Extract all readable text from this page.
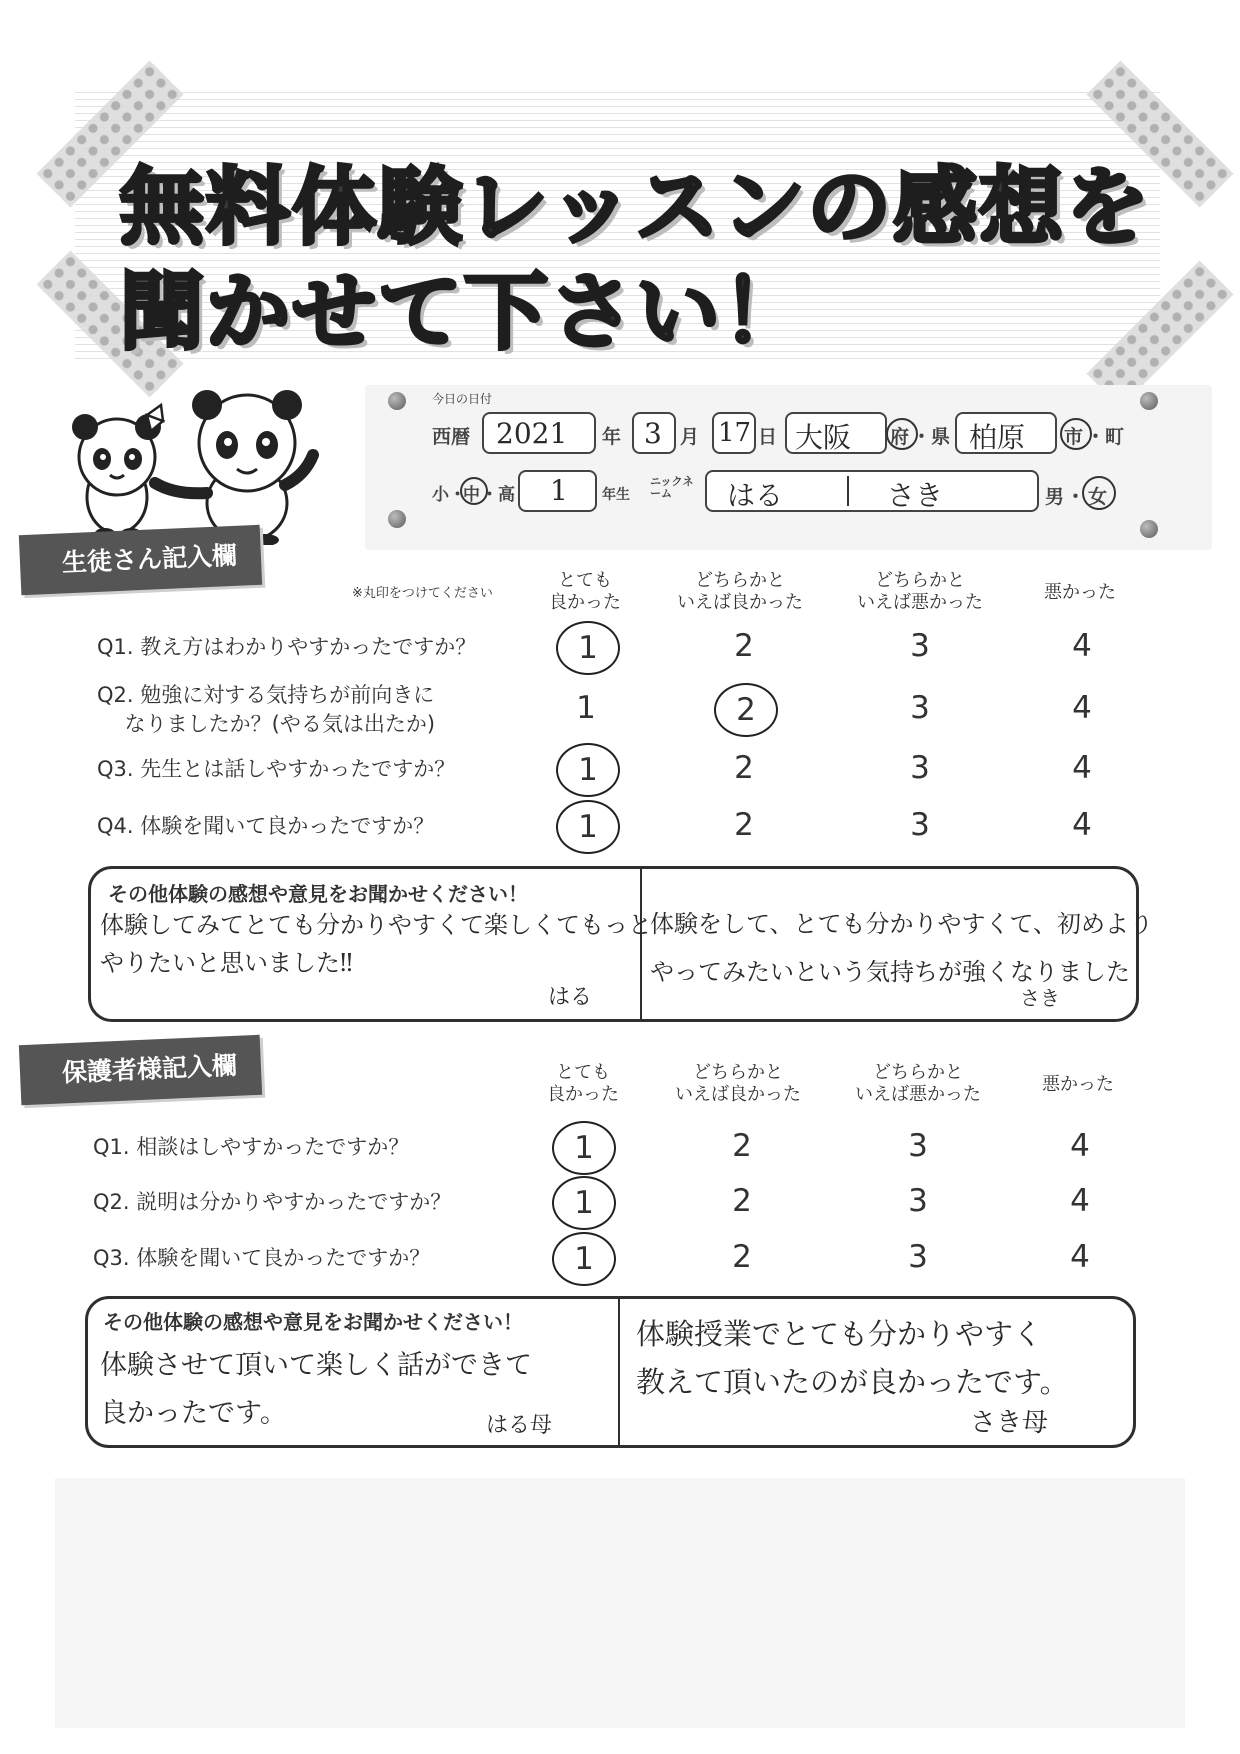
無料体験レッスンの感想を
聞かせて下さい！
今日の日付
西暦 2021	年 3 月 17 日 大阪	府 ・県 柏原	市 ・町
小 ・
中 ・高	1	年生
ニックネーム	はる	さき	男 ・ 女
生徒さん記入欄
※丸印をつけてください
とても
良かった
どちらかと
いえば良かった
どちらかと
いえば悪かった	悪かった
Q1. 教え方はわかりやすかったですか？	1	2	3	4
Q2. 勉強に対する気持ちが前向きに
　 なりましたか？(やる気は出たか)	1	2	3	4
Q3. 先生とは話しやすかったですか？	1	2	3	4
Q4. 体験を聞いて良かったですか？	1	2	3	4
その他体験の感想や意見をお聞かせください！
体験してみてとても分かりやすくて楽しくてもっと
やりたいと思いました‼
はる
体験をして、とても分かりやすくて、初めより
やってみたいという気持ちが強くなりました
さき
保護者様記入欄	とても
良かった
どちらかと
いえば良かった
どちらかと
いえば悪かった	悪かった
Q1. 相談はしやすかったですか？	1	2	3	4
Q2. 説明は分かりやすかったですか？	1	2	3	4
Q3. 体験を聞いて良かったですか？	1	2	3	4
その他体験の感想や意見をお聞かせください！
体験させて頂いて楽しく話ができて
良かったです。	はる母
体験授業でとても分かりやすく
教えて頂いたのが良かったです。
さき母
